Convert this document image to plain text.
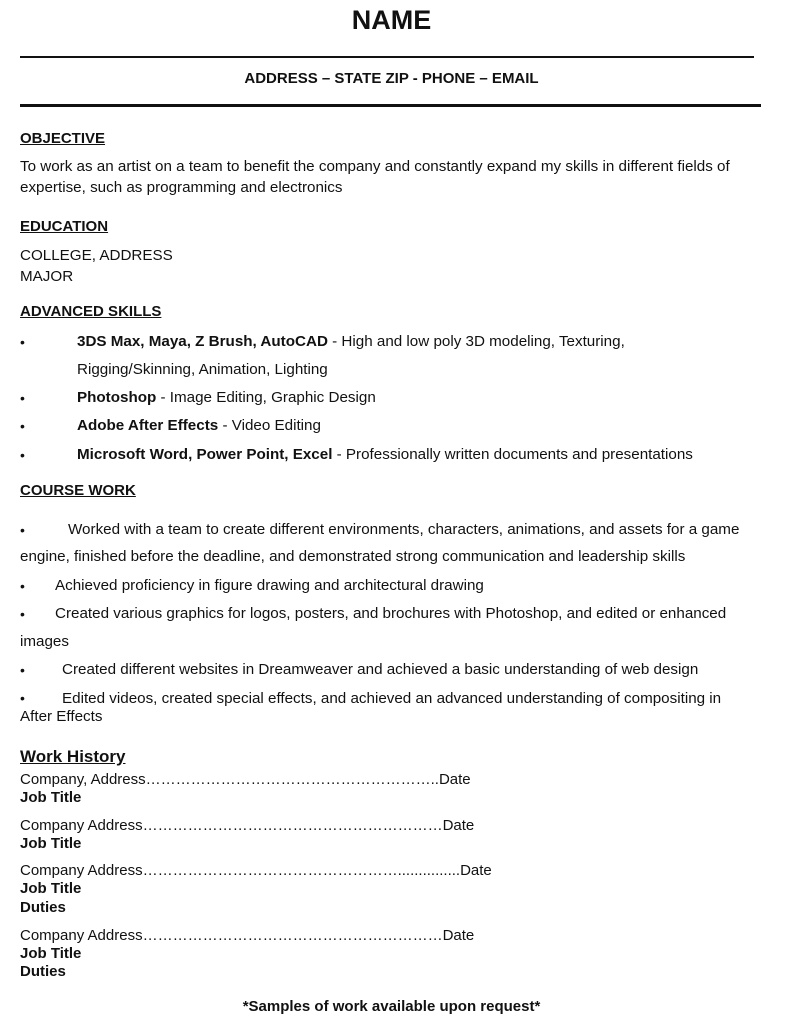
NAME
ADDRESS – STATE ZIP - PHONE – EMAIL
OBJECTIVE
To work as an artist on a team to benefit the company and constantly expand my skills in different fields of
expertise, such as programming and electronics
EDUCATION
COLLEGE, ADDRESS
MAJOR
ADVANCED SKILLS
•	3DS Max, Maya, Z Brush, AutoCAD - High and low poly 3D modeling, Texturing,
Rigging/Skinning, Animation, Lighting
•	Photoshop - Image Editing, Graphic Design
•	Adobe After Effects - Video Editing
•	Microsoft Word, Power Point, Excel - Professionally written documents and presentations
COURSE WORK
•	Worked with a team to create different environments, characters, animations, and assets for a game
engine, finished before the deadline, and demonstrated strong communication and leadership skills
• Achieved proficiency in figure drawing and architectural drawing
• Created various graphics for logos, posters, and brochures with Photoshop, and edited or enhanced
images
• Created different websites in Dreamweaver and achieved a basic understanding of web design
• Edited videos, created special effects, and achieved an advanced understanding of compositing in
After Effects
Work History
Company, Address…………………………………………………..Date
Job Title
Company Address……………………………………………………Date
Job Title
Company Address……………………………………………...............Date
Job Title
Duties
Company Address……………………………………………………Date
Job Title
Duties
*Samples of work available upon request*
